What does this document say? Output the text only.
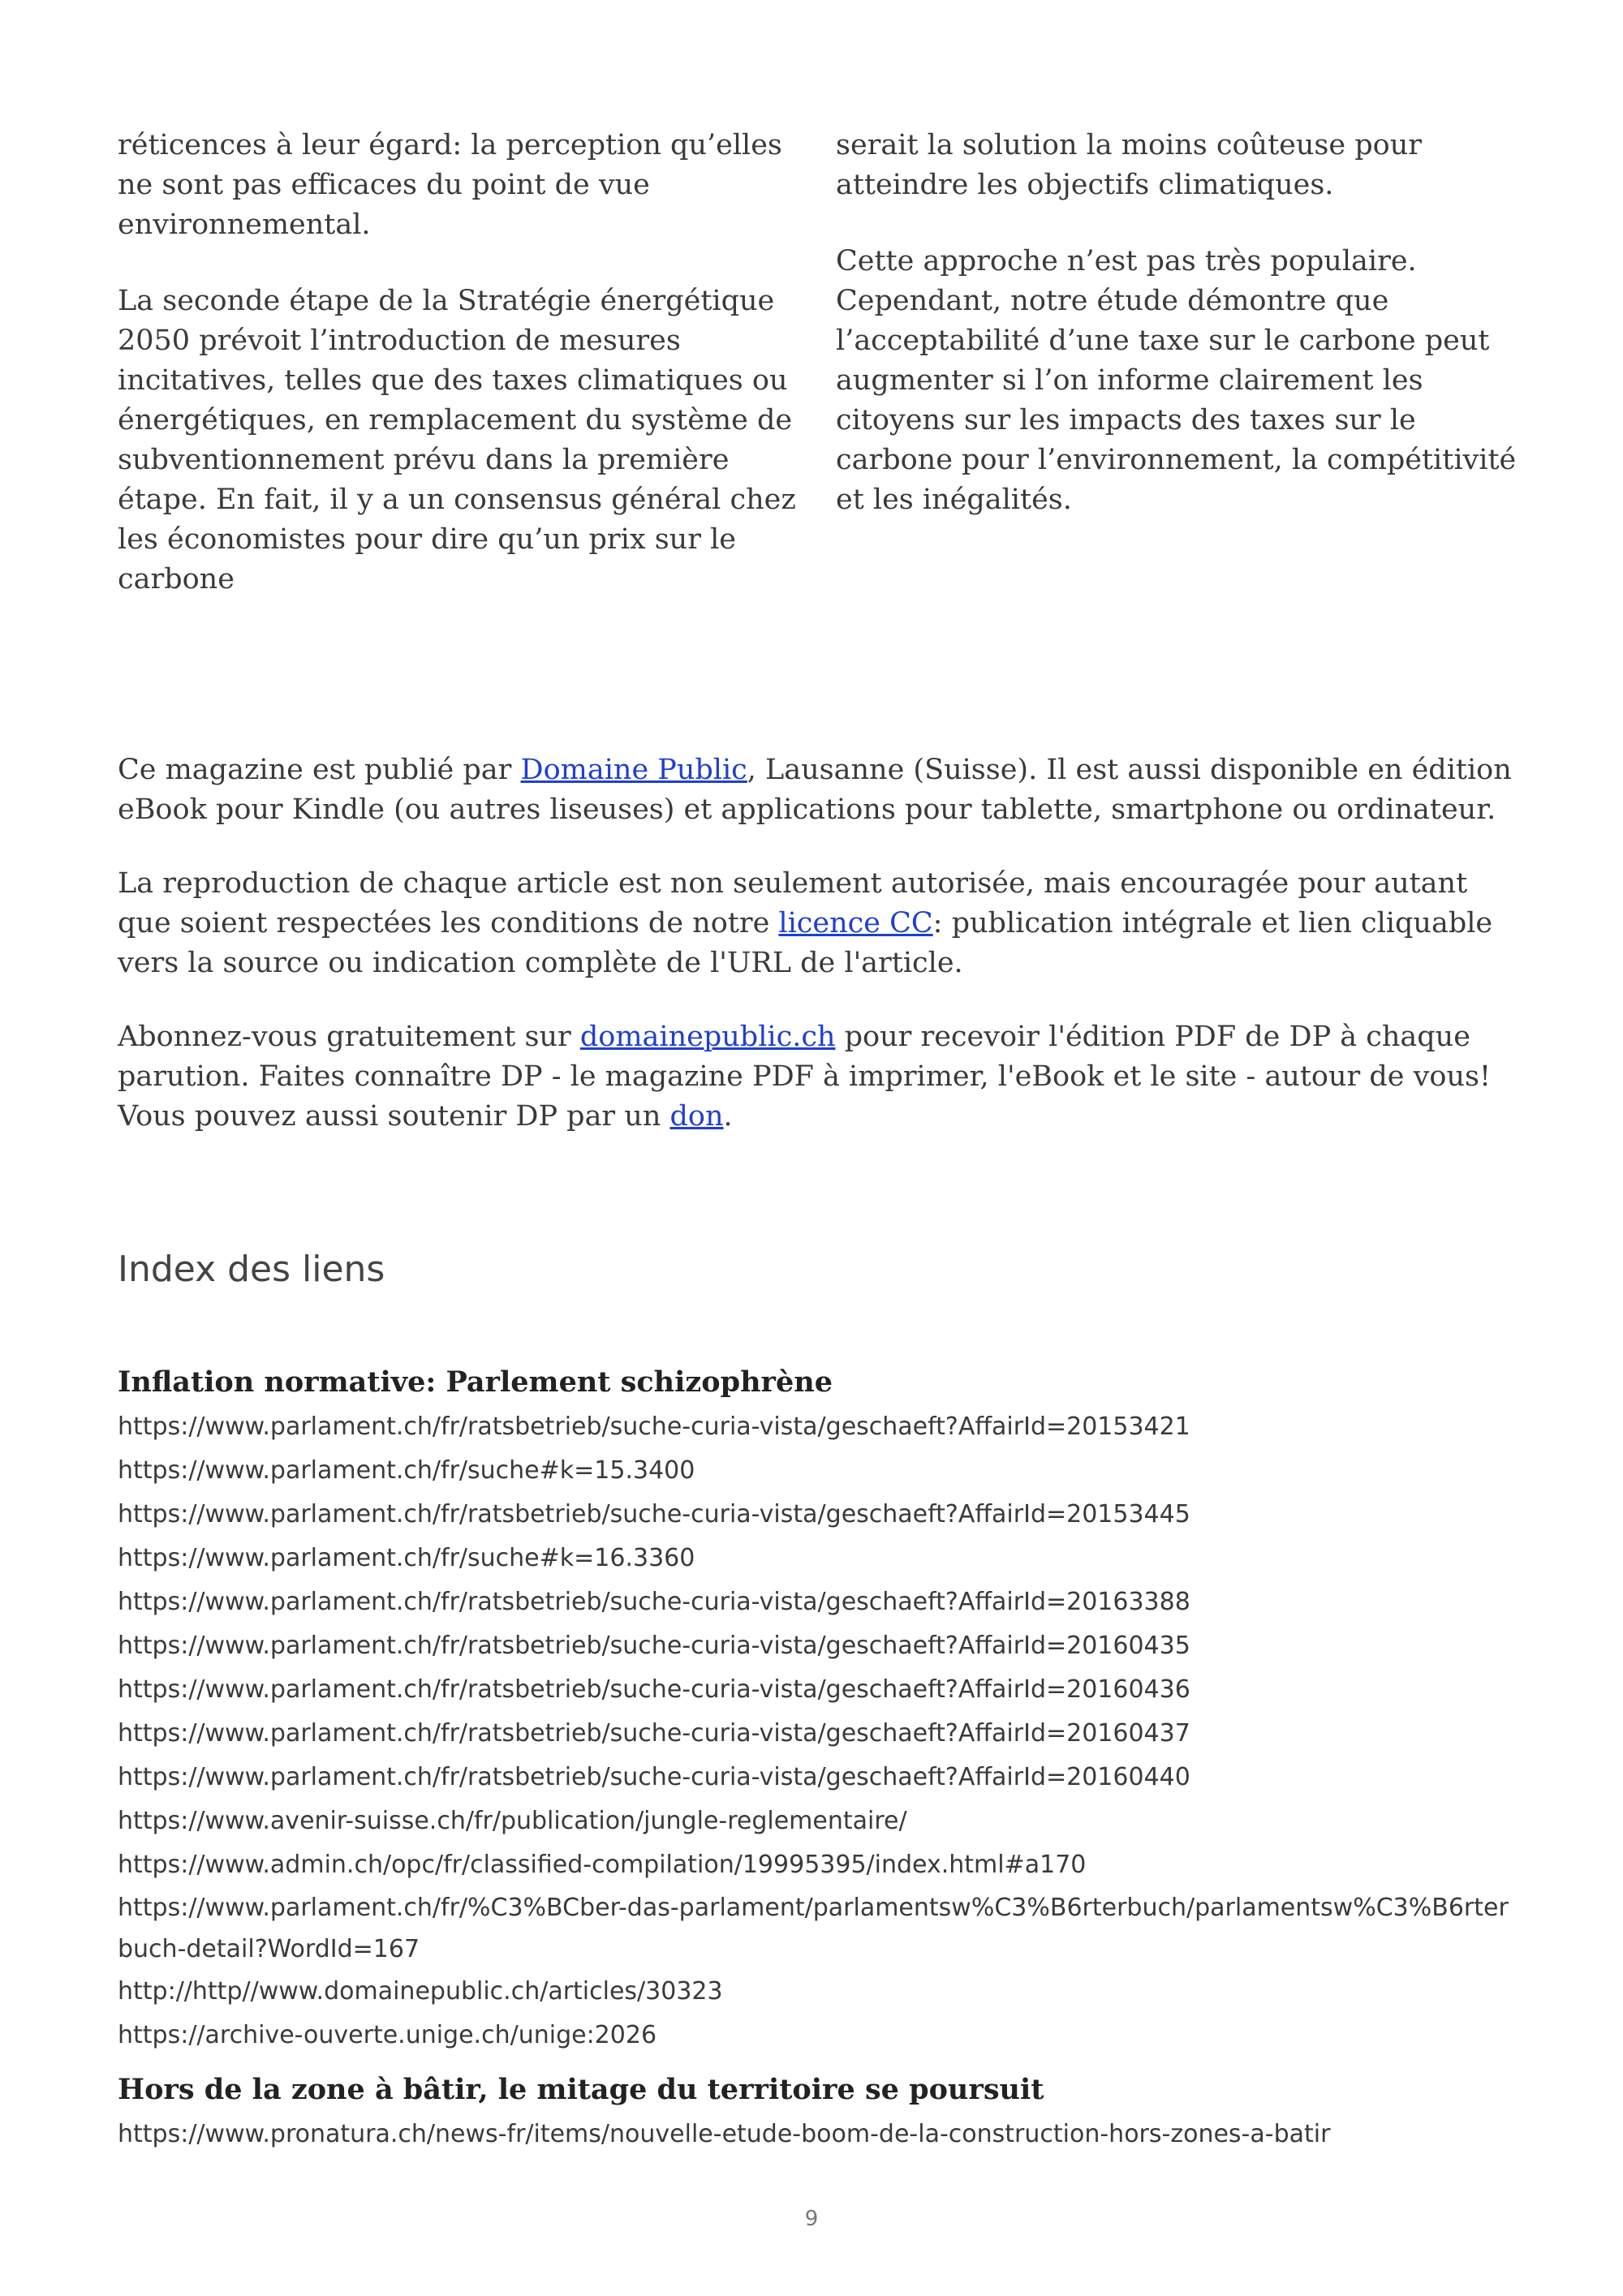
réticences à leur égard: la perception qu’elles ne sont pas efficaces du point de vue environnemental.

La seconde étape de la Stratégie énergétique 2050 prévoit l’introduction de mesures incitatives, telles que des taxes climatiques ou énergétiques, en remplacement du système de subventionnement prévu dans la première étape. En fait, il y a un consensus général chez les économistes pour dire qu’un prix sur le carbone

serait la solution la moins coûteuse pour atteindre les objectifs climatiques.

Cette approche n’est pas très populaire. Cependant, notre étude démontre que l’acceptabilité d’une taxe sur le carbone peut augmenter si l’on informe clairement les citoyens sur les impacts des taxes sur le carbone pour l’environnement, la compétitivité et les inégalités.

Ce magazine est publié par Domaine Public, Lausanne (Suisse). Il est aussi disponible en édition eBook pour Kindle (ou autres liseuses) et applications pour tablette, smartphone ou ordinateur.

La reproduction de chaque article est non seulement autorisée, mais encouragée pour autant que soient respectées les conditions de notre licence CC: publication intégrale et lien cliquable vers la source ou indication complète de l'URL de l'article.

Abonnez-vous gratuitement sur domainepublic.ch pour recevoir l'édition PDF de DP à chaque parution. Faites connaître DP - le magazine PDF à imprimer, l'eBook et le site - autour de vous! Vous pouvez aussi soutenir DP par un don.

Index des liens
Inflation normative: Parlement schizophrène
https://www.parlament.ch/fr/ratsbetrieb/suche-curia-vista/geschaeft?AffairId=20153421
https://www.parlament.ch/fr/suche#k=15.3400
https://www.parlament.ch/fr/ratsbetrieb/suche-curia-vista/geschaeft?AffairId=20153445
https://www.parlament.ch/fr/suche#k=16.3360
https://www.parlament.ch/fr/ratsbetrieb/suche-curia-vista/geschaeft?AffairId=20163388
https://www.parlament.ch/fr/ratsbetrieb/suche-curia-vista/geschaeft?AffairId=20160435
https://www.parlament.ch/fr/ratsbetrieb/suche-curia-vista/geschaeft?AffairId=20160436
https://www.parlament.ch/fr/ratsbetrieb/suche-curia-vista/geschaeft?AffairId=20160437
https://www.parlament.ch/fr/ratsbetrieb/suche-curia-vista/geschaeft?AffairId=20160440
https://www.avenir-suisse.ch/fr/publication/jungle-reglementaire/
https://www.admin.ch/opc/fr/classified-compilation/19995395/index.html#a170
https://www.parlament.ch/fr/%C3%BCber-das-parlament/parlamentsw%C3%B6rterbuch/parlamentsw%C3%B6rterbuch-detail?WordId=167
http://http//www.domainepublic.ch/articles/30323
https://archive-ouverte.unige.ch/unige:2026
Hors de la zone à bâtir, le mitage du territoire se poursuit
https://www.pronatura.ch/news-fr/items/nouvelle-etude-boom-de-la-construction-hors-zones-a-batir
9
